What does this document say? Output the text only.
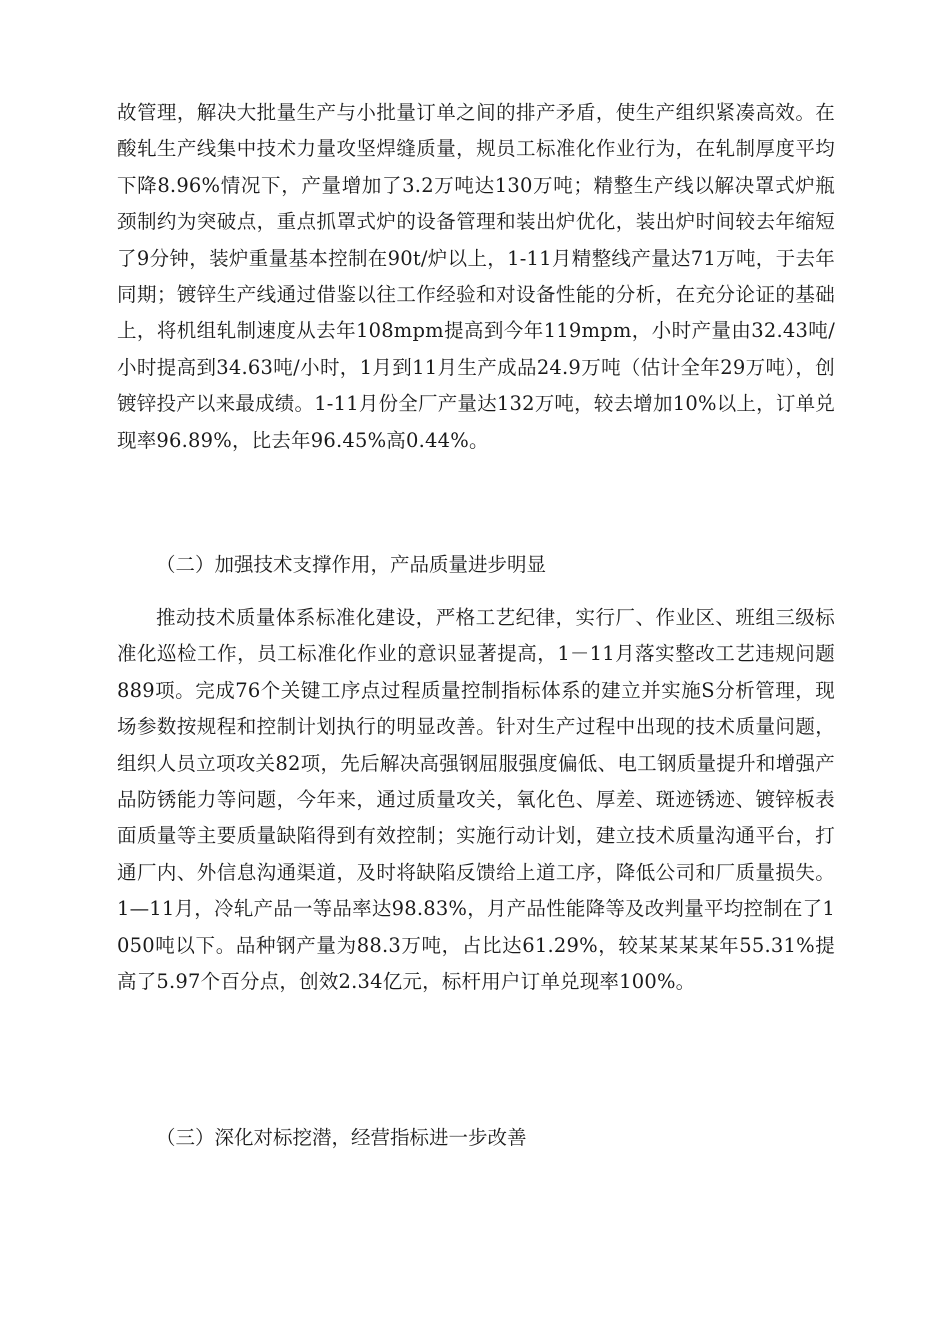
故管理，解决大批量生产与小批量订单之间的排产矛盾，使生产组织紧凑高效。在酸轧生产线集中技术力量攻坚焊缝质量，规员工标准化作业行为，在轧制厚度平均下降8.96%情况下，产量增加了3.2万吨达130万吨；精整生产线以解决罩式炉瓶颈制约为突破点，重点抓罩式炉的设备管理和装出炉优化，装出炉时间较去年缩短了9分钟，装炉重量基本控制在90t/炉以上，1-11月精整线产量达71万吨，于去年同期；镀锌生产线通过借鉴以往工作经验和对设备性能的分析，在充分论证的基础上，将机组轧制速度从去年108mpm提高到今年119mpm，小时产量由32.43吨/小时提高到34.63吨/小时，1月到11月生产成品24.9万吨（估计全年29万吨），创镀锌投产以来最成绩。1-11月份全厂产量达132万吨，较去增加10%以上，订单兑现率96.89%，比去年96.45%高0.44%。

（二）加强技术支撑作用，产品质量进步明显

推动技术质量体系标准化建设，严格工艺纪律，实行厂、作业区、班组三级标准化巡检工作，员工标准化作业的意识显著提高，1－11月落实整改工艺违规问题889项。完成76个关键工序点过程质量控制指标体系的建立并实施S分析管理，现场参数按规程和控制计划执行的明显改善。针对生产过程中出现的技术质量问题，组织人员立项攻关82项，先后解决高强钢屈服强度偏低、电工钢质量提升和增强产品防锈能力等问题，今年来，通过质量攻关，氧化色、厚差、斑迹锈迹、镀锌板表面质量等主要质量缺陷得到有效控制；实施行动计划，建立技术质量沟通平台，打通厂内、外信息沟通渠道，及时将缺陷反馈给上道工序，降低公司和厂质量损失。1—11月，冷轧产品一等品率达98.83%，月产品性能降等及改判量平均控制在了1050吨以下。品种钢产量为88.3万吨，占比达61.29%，较某某某某年55.31%提高了5.97个百分点，创效2.34亿元，标杆用户订单兑现率100%。

（三）深化对标挖潜，经营指标进一步改善
